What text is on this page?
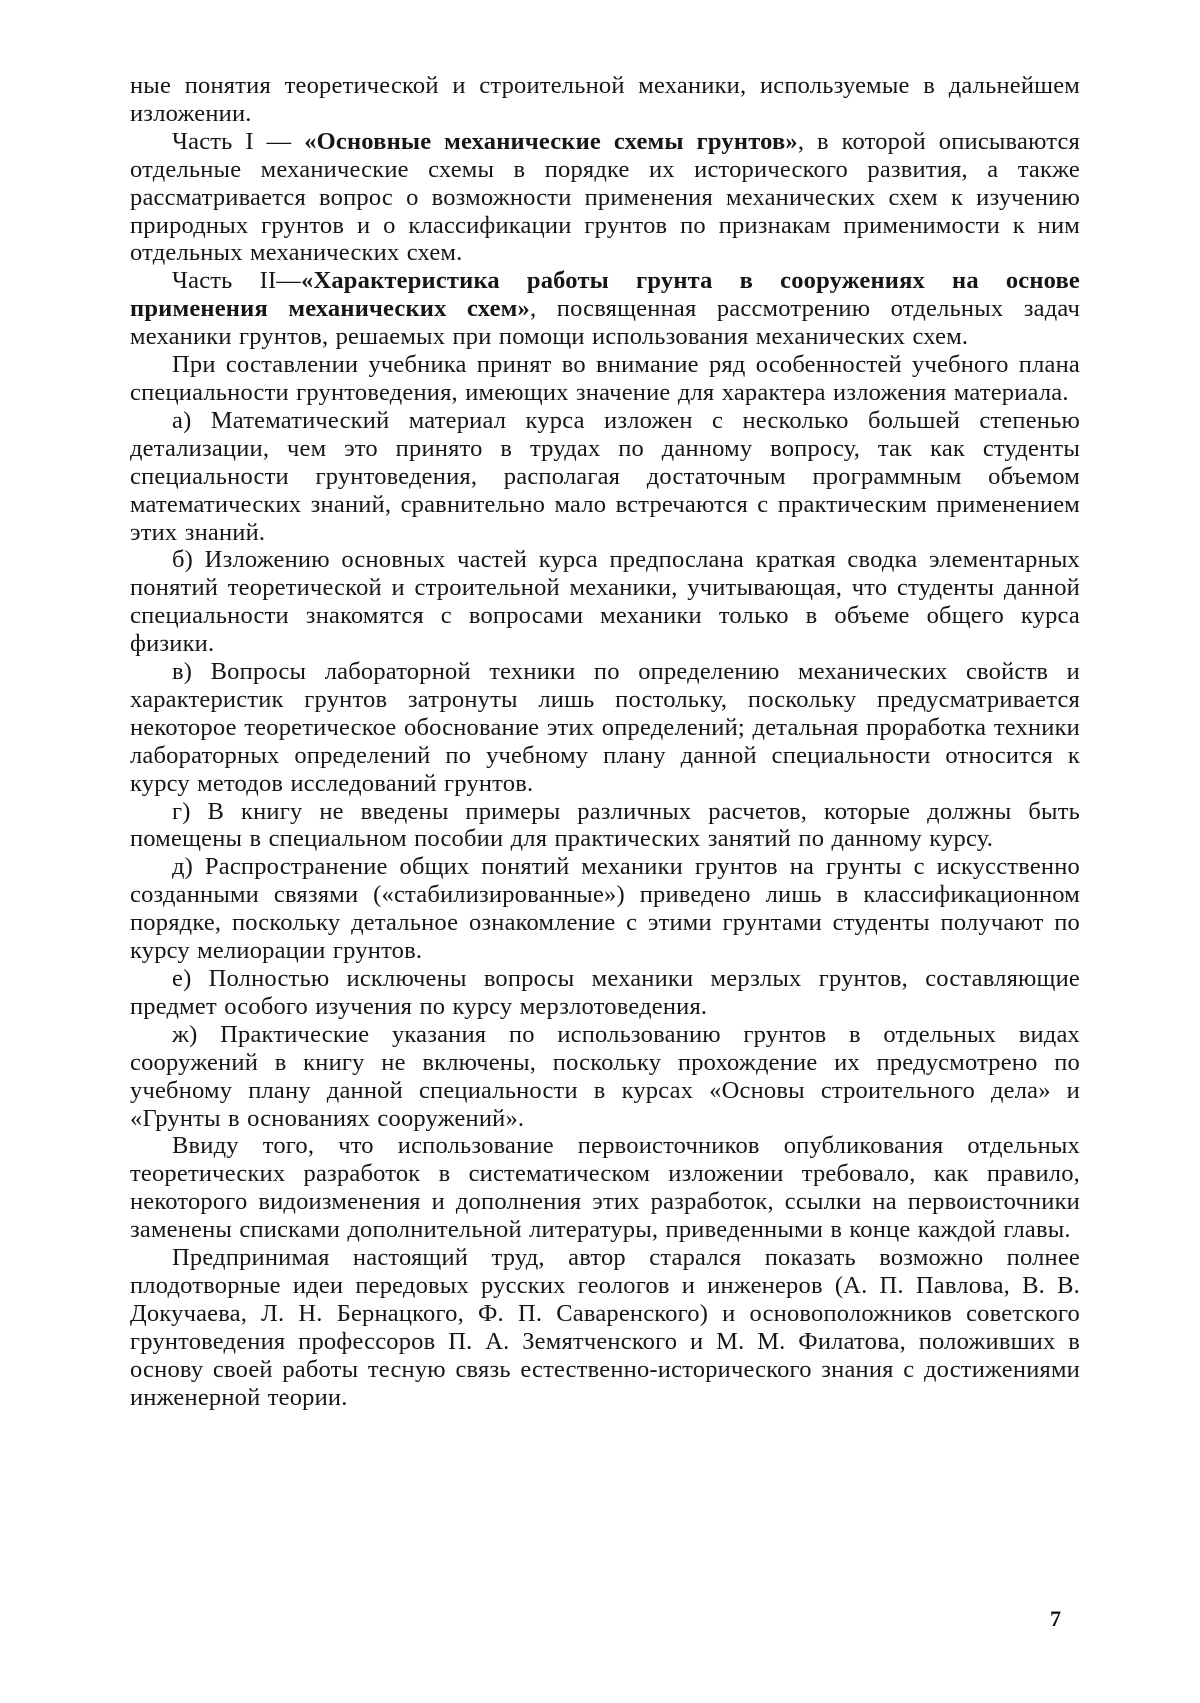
ные понятия теоретической и строительной механики, используемые в дальнейшем изложении.

Часть I — «Основные механические схемы грунтов», в которой описываются отдельные механические схемы в порядке их исторического развития, а также рассматривается вопрос о возможности применения механических схем к изучению природных грунтов и о классификации грунтов по признакам применимости к ним отдельных механических схем.

Часть II—«Характеристика работы грунта в сооружениях на основе применения механических схем», посвященная рассмотрению отдельных задач механики грунтов, решаемых при помощи использования механических схем.

При составлении учебника принят во внимание ряд особенностей учебного плана специальности грунтоведения, имеющих значение для характера изложения материала.

а) Математический материал курса изложен с несколько большей степенью детализации, чем это принято в трудах по данному вопросу, так как студенты специальности грунтоведения, располагая достаточным программным объемом математических знаний, сравнительно мало встречаются с практическим применением этих знаний.

б) Изложению основных частей курса предпослана краткая сводка элементарных понятий теоретической и строительной механики, учитывающая, что студенты данной специальности знакомятся с вопросами механики только в объеме общего курса физики.

в) Вопросы лабораторной техники по определению механических свойств и характеристик грунтов затронуты лишь постольку, поскольку предусматривается некоторое теоретическое обоснование этих определений; детальная проработка техники лабораторных определений по учебному плану данной специальности относится к курсу методов исследований грунтов.

г) В книгу не введены примеры различных расчетов, которые должны быть помещены в специальном пособии для практических занятий по данному курсу.

д) Распространение общих понятий механики грунтов на грунты с искусственно созданными связями («стабилизированные») приведено лишь в классификационном порядке, поскольку детальное ознакомление с этими грунтами студенты получают по курсу мелиорации грунтов.

е) Полностью исключены вопросы механики мерзлых грунтов, составляющие предмет особого изучения по курсу мерзлотоведения.

ж) Практические указания по использованию грунтов в отдельных видах сооружений в книгу не включены, поскольку прохождение их предусмотрено по учебному плану данной специальности в курсах «Основы строительного дела» и «Грунты в основаниях сооружений».

Ввиду того, что использование первоисточников опубликования отдельных теоретических разработок в систематическом изложении требовало, как правило, некоторого видоизменения и дополнения этих разработок, ссылки на первоисточники заменены списками дополнительной литературы, приведенными в конце каждой главы.

Предпринимая настоящий труд, автор старался показать возможно полнее плодотворные идеи передовых русских геологов и инженеров (А. П. Павлова, В. В. Докучаева, Л. Н. Бернацкого, Ф. П. Саваренского) и основоположников советского грунтоведения профессоров П. А. Земятченского и М. М. Филатова, положивших в основу своей работы тесную связь естественно-исторического знания с достижениями инженерной теории.

7
